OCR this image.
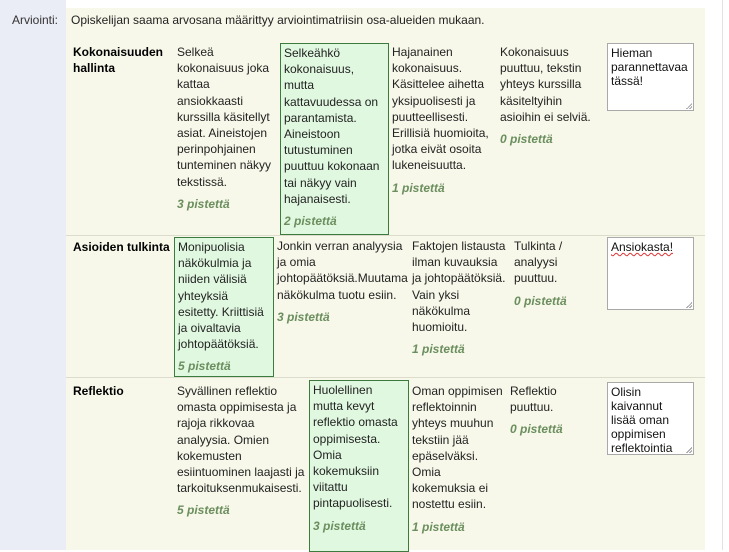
Arviointi: Opiskelijan saama arvosana määrittyy arviointimatriisin osa-alueiden mukaan.
Kokonaisuuden hallinta
Selkeä kokonaisuus joka kattaa ansiokkaasti kurssilla käsitellyt asiat. Aineistojen perinpohjainen tunteminen näkyy tekstissä.
3 pistettä
Selkeähkö kokonaisuus, mutta kattavuudessa on parantamista. Aineistoon tutustuminen puuttuu kokonaan tai näkyy vain hajanaisesti.
2 pistettä
Hajanainen kokonaisuus. Käsittelee aihetta yksipuolisesti ja puutteellisesti. Erillisiä huomioita, jotka eivät osoita lukeneisuutta.
1 pistettä
Kokonaisuus puuttuu, tekstin yhteys kurssilla käsiteltyihin asioihin ei selviä.
0 pistettä
Hieman parannettavaa tässä!
Asioiden tulkinta Monipuolisia näkökulmia ja niiden välisiä yhteyksiä esitetty. Kriittisiä ja oivaltavia johtopäätöksiä.
5 pistettä
Jonkin verran analyysia ja omia johtopäätöksiä.Muutama näkökulma tuotu esiin.
3 pistettä
Faktojen listausta ilman kuvauksia ja johtopäätöksiä. Vain yksi näkökulma huomioitu.
1 pistettä
Tulkinta / analyysi puuttuu.
0 pistettä
Ansiokasta!
Reflektio	Syvällinen reflektio omasta oppimisesta ja rajoja rikkovaa analyysia. Omien kokemusten esiintuominen laajasti ja tarkoituksenmukaisesti.
5 pistettä
Huolellinen mutta kevyt reflektio omasta oppimisesta. Omia kokemuksiin viitattu pintapuolisesti.
3 pistettä
Oman oppimisen reflektoinnin yhteys muuhun tekstiin jää epäselväksi. Omia kokemuksia ei nostettu esiin.
1 pistettä
Reflektio puuttuu.
0 pistettä
Olisin kaivannut lisää oman oppimisen reflektointia
